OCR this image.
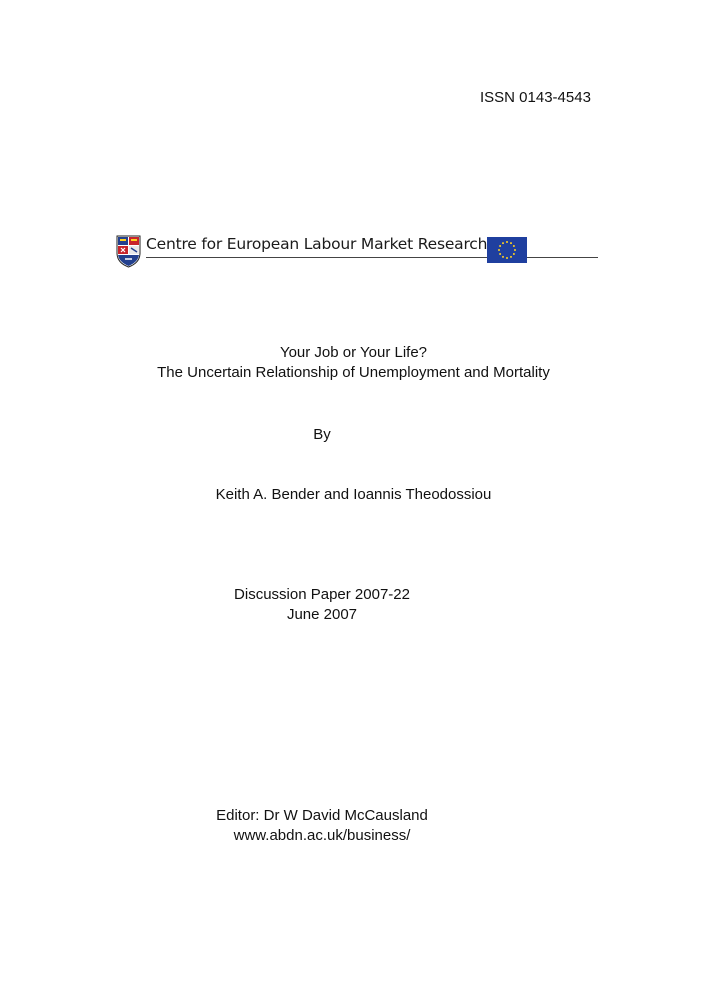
ISSN 0143-4543
Centre for European Labour Market Research
Your Job or Your Life?
The Uncertain Relationship of Unemployment and Mortality
By
Keith A. Bender and Ioannis Theodossiou
Discussion Paper 2007-22
June 2007
Editor: Dr W David McCausland
www.abdn.ac.uk/business/
